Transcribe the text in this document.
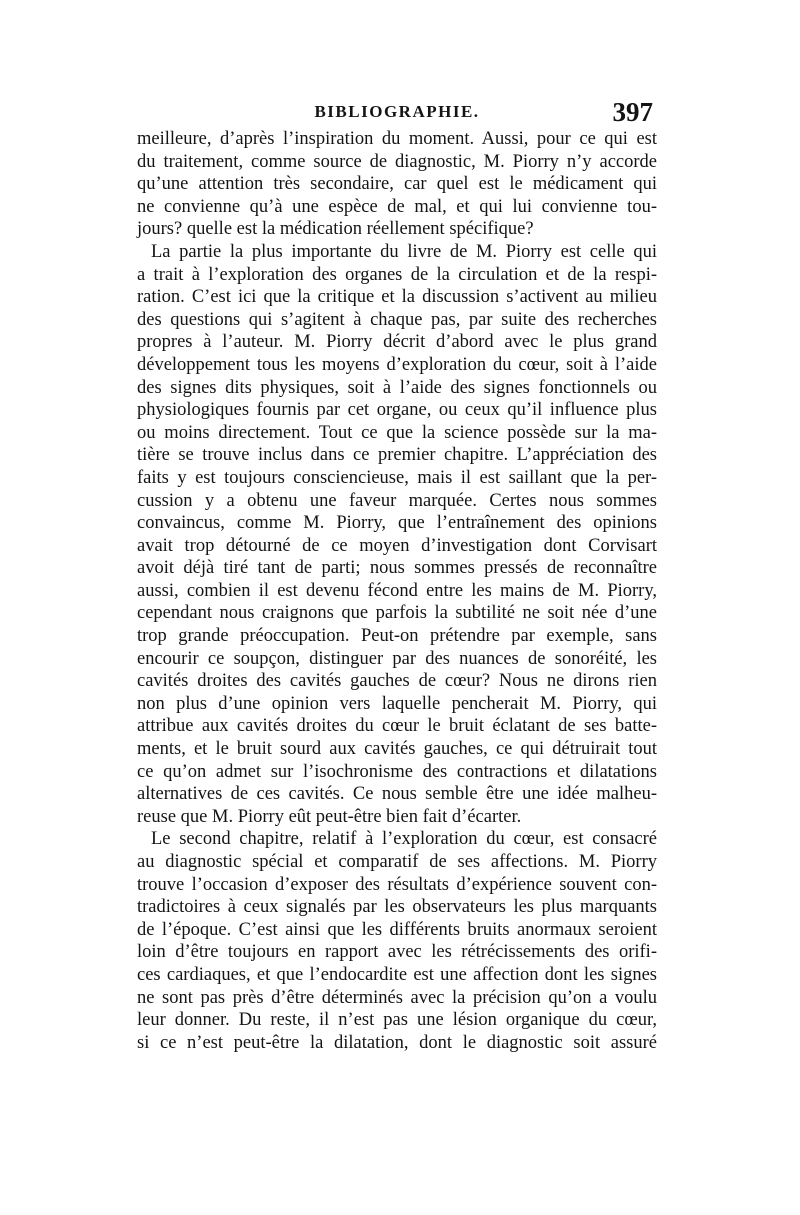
BIBLIOGRAPHIE.	397
meilleure, d’après l’inspiration du moment. Aussi, pour ce qui est
du traitement, comme source de diagnostic, M. Piorry n’y accorde
qu’une attention très secondaire, car quel est le médicament qui
ne convienne qu’à une espèce de mal, et qui lui convienne tou-
jours? quelle est la médication réellement spécifique?
La partie la plus importante du livre de M. Piorry est celle qui
a trait à l’exploration des organes de la circulation et de la respi-
ration. C’est ici que la critique et la discussion s’activent au milieu
des questions qui s’agitent à chaque pas, par suite des recherches
propres à l’auteur. M. Piorry décrit d’abord avec le plus grand
développement tous les moyens d’exploration du cœur, soit à l’aide
des signes dits physiques, soit à l’aide des signes fonctionnels ou
physiologiques fournis par cet organe, ou ceux qu’il influence plus
ou moins directement. Tout ce que la science possède sur la ma-
tière se trouve inclus dans ce premier chapitre. L’appréciation des
faits y est toujours consciencieuse, mais il est saillant que la per-
cussion y a obtenu une faveur marquée. Certes nous sommes
convaincus, comme M. Piorry, que l’entraînement des opinions
avait trop détourné de ce moyen d’investigation dont Corvisart
avoit déjà tiré tant de parti; nous sommes pressés de reconnaître
aussi, combien il est devenu fécond entre les mains de M. Piorry,
cependant nous craignons que parfois la subtilité ne soit née d’une
trop grande préoccupation. Peut-on prétendre par exemple, sans
encourir ce soupçon, distinguer par des nuances de sonoréité, les
cavités droites des cavités gauches de cœur? Nous ne dirons rien
non plus d’une opinion vers laquelle pencherait M. Piorry, qui
attribue aux cavités droites du cœur le bruit éclatant de ses batte-
ments, et le bruit sourd aux cavités gauches, ce qui détruirait tout
ce qu’on admet sur l’isochronisme des contractions et dilatations
alternatives de ces cavités. Ce nous semble être une idée malheu-
reuse que M. Piorry eût peut-être bien fait d’écarter.
Le second chapitre, relatif à l’exploration du cœur, est consacré
au diagnostic spécial et comparatif de ses affections. M. Piorry
trouve l’occasion d’exposer des résultats d’expérience souvent con-
tradictoires à ceux signalés par les observateurs les plus marquants
de l’époque. C’est ainsi que les différents bruits anormaux seroient
loin d’être toujours en rapport avec les rétrécissements des orifi-
ces cardiaques, et que l’endocardite est une affection dont les signes
ne sont pas près d’être déterminés avec la précision qu’on a voulu
leur donner. Du reste, il n’est pas une lésion organique du cœur,
si ce n’est peut-être la dilatation, dont le diagnostic soit assuré
